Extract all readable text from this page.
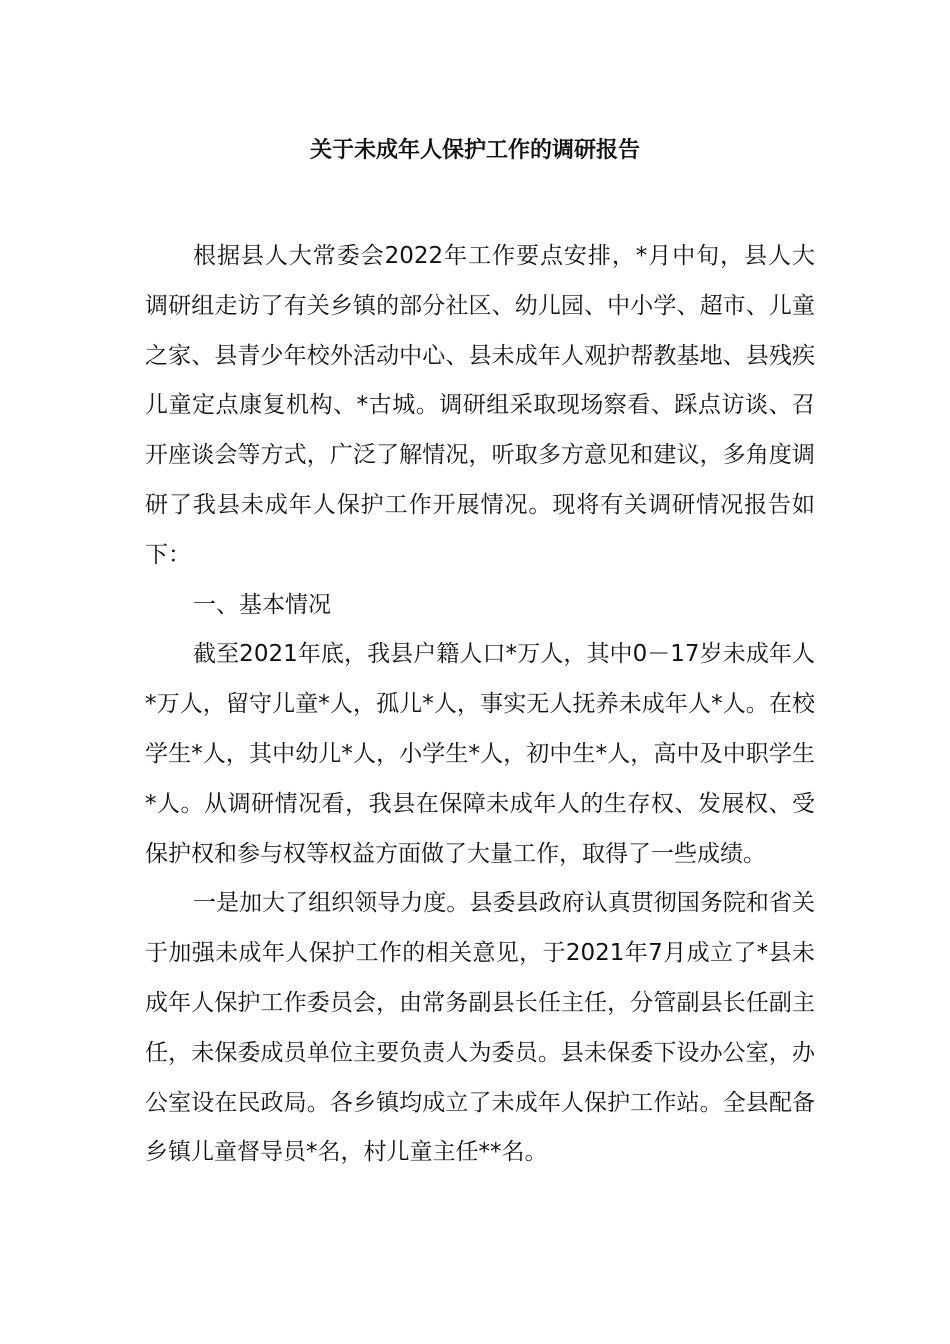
关于未成年人保护工作的调研报告

根据县人大常委会2022年工作要点安排，*月中旬，县人大调研组走访了有关乡镇的部分社区、幼儿园、中小学、超市、儿童之家、县青少年校外活动中心、县未成年人观护帮教基地、县残疾儿童定点康复机构、*古城。调研组采取现场察看、踩点访谈、召开座谈会等方式，广泛了解情况，听取多方意见和建议，多角度调研了我县未成年人保护工作开展情况。现将有关调研情况报告如下：

一、基本情况

截至2021年底，我县户籍人口*万人，其中0－17岁未成年人*万人，留守儿童*人，孤儿*人，事实无人抚养未成年人*人。在校学生*人，其中幼儿*人，小学生*人，初中生*人，高中及中职学生*人。从调研情况看，我县在保障未成年人的生存权、发展权、受保护权和参与权等权益方面做了大量工作，取得了一些成绩。

一是加大了组织领导力度。县委县政府认真贯彻国务院和省关于加强未成年人保护工作的相关意见，于2021年7月成立了*县未成年人保护工作委员会，由常务副县长任主任，分管副县长任副主任，未保委成员单位主要负责人为委员。县未保委下设办公室，办公室设在民政局。各乡镇均成立了未成年人保护工作站。全县配备乡镇儿童督导员*名，村儿童主任**名。
